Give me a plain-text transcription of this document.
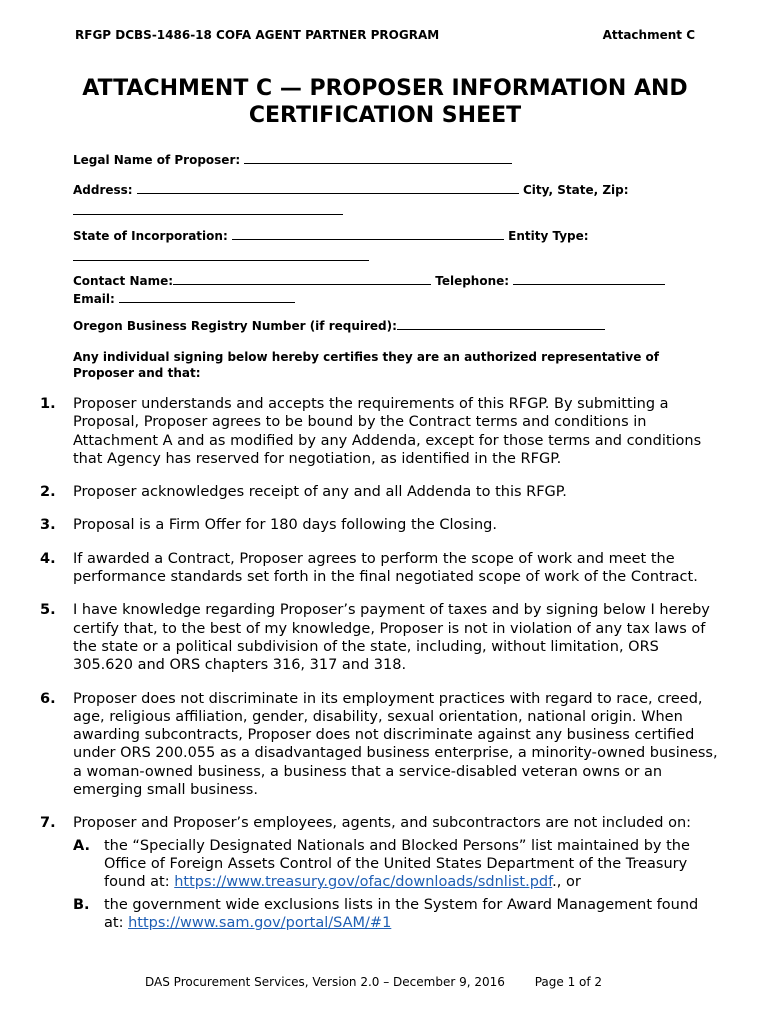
RFGP DCBS-1486-18 COFA AGENT PARTNER PROGRAM	Attachment C
ATTACHMENT C — PROPOSER INFORMATION AND
CERTIFICATION SHEET
Legal Name of Proposer:
Address:	City, State, Zip:

State of Incorporation:	Entity Type:

Contact Name:	Telephone:
Email:
Oregon Business Registry Number (if required):
Any individual signing below hereby certifies they are an authorized representative of Proposer and that:
1.	Proposer understands and accepts the requirements of this RFGP. By submitting a Proposal, Proposer agrees to be bound by the Contract terms and conditions in Attachment A and as modified by any Addenda, except for those terms and conditions that Agency has reserved for negotiation, as identified in the RFGP.
2.	Proposer acknowledges receipt of any and all Addenda to this RFGP.
3.	Proposal is a Firm Offer for 180 days following the Closing.
4.	If awarded a Contract, Proposer agrees to perform the scope of work and meet the performance standards set forth in the final negotiated scope of work of the Contract.
5.	I have knowledge regarding Proposer’s payment of taxes and by signing below I hereby certify that, to the best of my knowledge, Proposer is not in violation of any tax laws of the state or a political subdivision of the state, including, without limitation, ORS 305.620 and ORS chapters 316, 317 and 318.
6.	Proposer does not discriminate in its employment practices with regard to race, creed, age, religious affiliation, gender, disability, sexual orientation, national origin. When awarding subcontracts, Proposer does not discriminate against any business certified under ORS 200.055 as a disadvantaged business enterprise, a minority-owned business, a woman-owned business, a business that a service-disabled veteran owns or an emerging small business.
7.	Proposer and Proposer’s employees, agents, and subcontractors are not included on:
A. the “Specially Designated Nationals and Blocked Persons” list maintained by the Office of Foreign Assets Control of the United States Department of the Treasury found at: https://www.treasury.gov/ofac/downloads/sdnlist.pdf., or
B. the government wide exclusions lists in the System for Award Management found at: https://www.sam.gov/portal/SAM/#1
DAS Procurement Services, Version 2.0 – December 9, 2016 Page 1 of 2
